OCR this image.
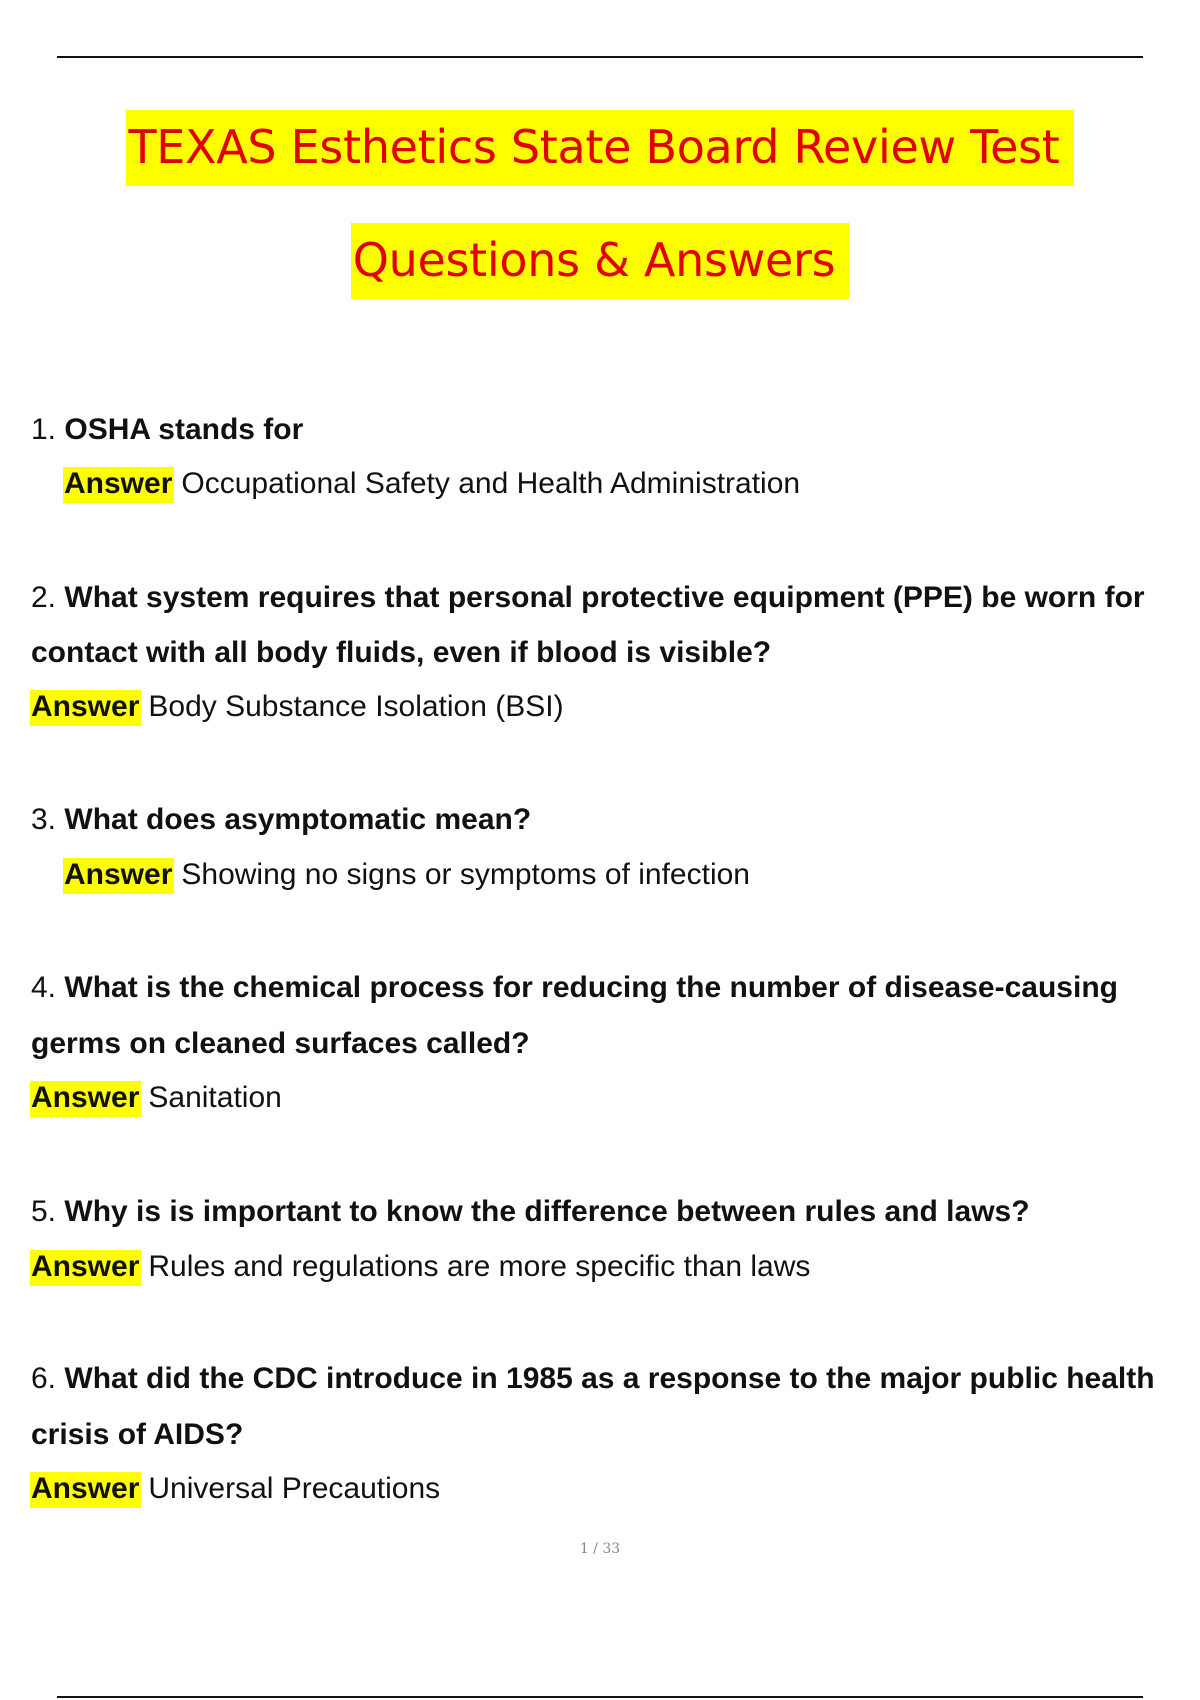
TEXAS Esthetics State Board Review Test
Questions & Answers
1. OSHA stands for
Answer Occupational Safety and Health Administration
2. What system requires that personal protective equipment (PPE) be worn for
contact with all body fluids, even if blood is visible?
Answer Body Substance Isolation (BSI)
3. What does asymptomatic mean?
Answer Showing no signs or symptoms of infection
4. What is the chemical process for reducing the number of disease-causing
germs on cleaned surfaces called?
Answer Sanitation
5. Why is is important to know the difference between rules and laws?
Answer Rules and regulations are more specific than laws
6. What did the CDC introduce in 1985 as a response to the major public health
crisis of AIDS?
Answer Universal Precautions
1 / 33
